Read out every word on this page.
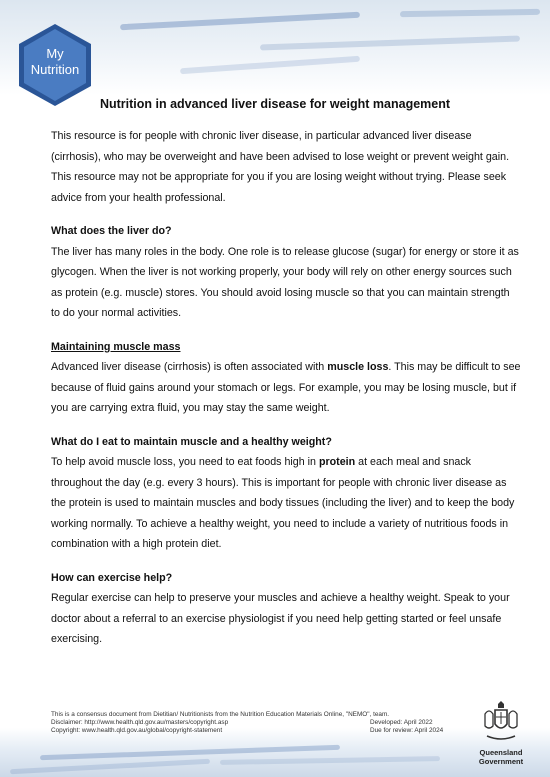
My
Nutrition
Nutrition in advanced liver disease for weight management

This resource is for people with chronic liver disease, in particular advanced liver disease (cirrhosis), who may be overweight and have been advised to lose weight or prevent weight gain. This resource may not be appropriate for you if you are losing weight without trying. Please seek advice from your health professional.

What does the liver do?

The liver has many roles in the body. One role is to release glucose (sugar) for energy or store it as glycogen. When the liver is not working properly, your body will rely on other energy sources such as protein (e.g. muscle) stores. You should avoid losing muscle so that you can maintain strength to do your normal activities.

Maintaining muscle mass

Advanced liver disease (cirrhosis) is often associated with muscle loss. This may be difficult to see because of fluid gains around your stomach or legs. For example, you may be losing muscle, but if you are carrying extra fluid, you may stay the same weight.

What do I eat to maintain muscle and a healthy weight?

To help avoid muscle loss, you need to eat foods high in protein at each meal and snack throughout the day (e.g. every 3 hours). This is important for people with chronic liver disease as the protein is used to maintain muscles and body tissues (including the liver) and to keep the body working normally. To achieve a healthy weight, you need to include a variety of nutritious foods in combination with a high protein diet.

How can exercise help?

Regular exercise can help to preserve your muscles and achieve a healthy weight. Speak to your doctor about a referral to an exercise physiologist if you need help getting started or feel unsafe exercising.

This is a consensus document from Dietitian/ Nutritionists from the Nutrition Education Materials Online, "NEMO", team.
Disclaimer: http://www.health.qld.gov.au/masters/copyright.asp	Developed: April 2022
Copyright: www.health.qld.gov.au/global/copyright-statement	Due for review: April 2024
Queensland
Government
